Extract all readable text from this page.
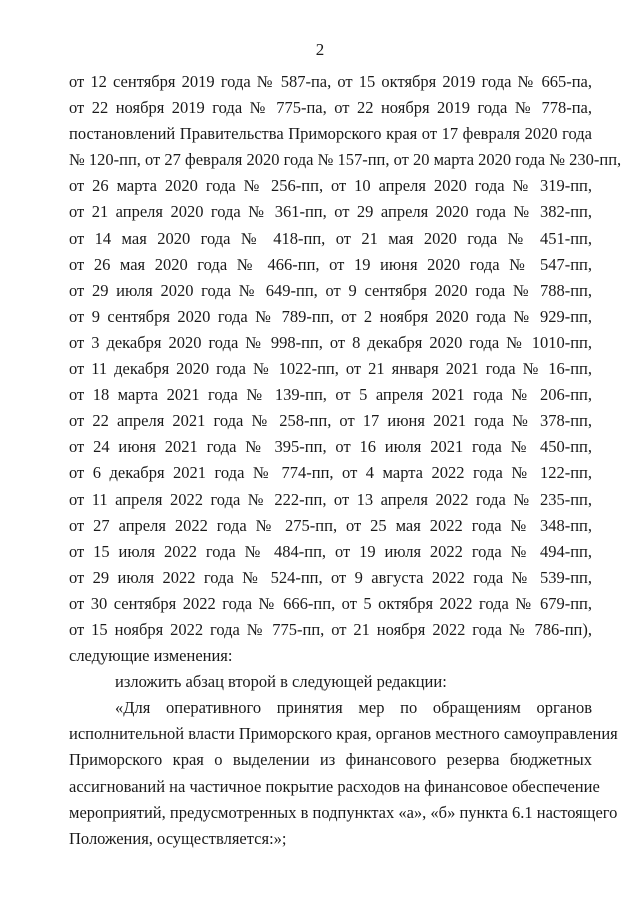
2
от 12 сентября 2019 года № 587-па, от 15 октября 2019 года № 665-па,
от 22 ноября 2019 года № 775-па, от 22 ноября 2019 года № 778-па,
постановлений Правительства Приморского края от 17 февраля 2020 года
№ 120-пп, от 27 февраля 2020 года № 157-пп, от 20 марта 2020 года № 230-пп,
от 26 марта 2020 года № 256-пп, от 10 апреля 2020 года № 319-пп,
от 21 апреля 2020 года № 361-пп, от 29 апреля 2020 года № 382-пп,
от 14 мая 2020 года № 418-пп, от 21 мая 2020 года № 451-пп,
от 26 мая 2020 года № 466-пп, от 19 июня 2020 года № 547-пп,
от 29 июля 2020 года № 649-пп, от 9 сентября 2020 года № 788-пп,
от 9 сентября 2020 года № 789-пп, от 2 ноября 2020 года № 929-пп,
от 3 декабря 2020 года № 998-пп, от 8 декабря 2020 года № 1010-пп,
от 11 декабря 2020 года № 1022-пп, от 21 января 2021 года № 16-пп,
от 18 марта 2021 года № 139-пп, от 5 апреля 2021 года № 206-пп,
от 22 апреля 2021 года № 258-пп, от 17 июня 2021 года № 378-пп,
от 24 июня 2021 года № 395-пп, от 16 июля 2021 года № 450-пп,
от 6 декабря 2021 года № 774-пп, от 4 марта 2022 года № 122-пп,
от 11 апреля 2022 года № 222-пп, от 13 апреля 2022 года № 235-пп,
от 27 апреля 2022 года № 275-пп, от 25 мая 2022 года № 348-пп,
от 15 июля 2022 года № 484-пп, от 19 июля 2022 года № 494-пп,
от 29 июля 2022 года № 524-пп, от 9 августа 2022 года № 539-пп,
от 30 сентября 2022 года № 666-пп, от 5 октября 2022 года № 679-пп,
от 15 ноября 2022 года № 775-пп, от 21 ноября 2022 года № 786-пп),
следующие изменения:
изложить абзац второй в следующей редакции:
«Для оперативного принятия мер по обращениям органов
исполнительной власти Приморского края, органов местного самоуправления
Приморского края о выделении из финансового резерва бюджетных
ассигнований на частичное покрытие расходов на финансовое обеспечение
мероприятий, предусмотренных в подпунктах «а», «б» пункта 6.1 настоящего
Положения, осуществляется:»;
